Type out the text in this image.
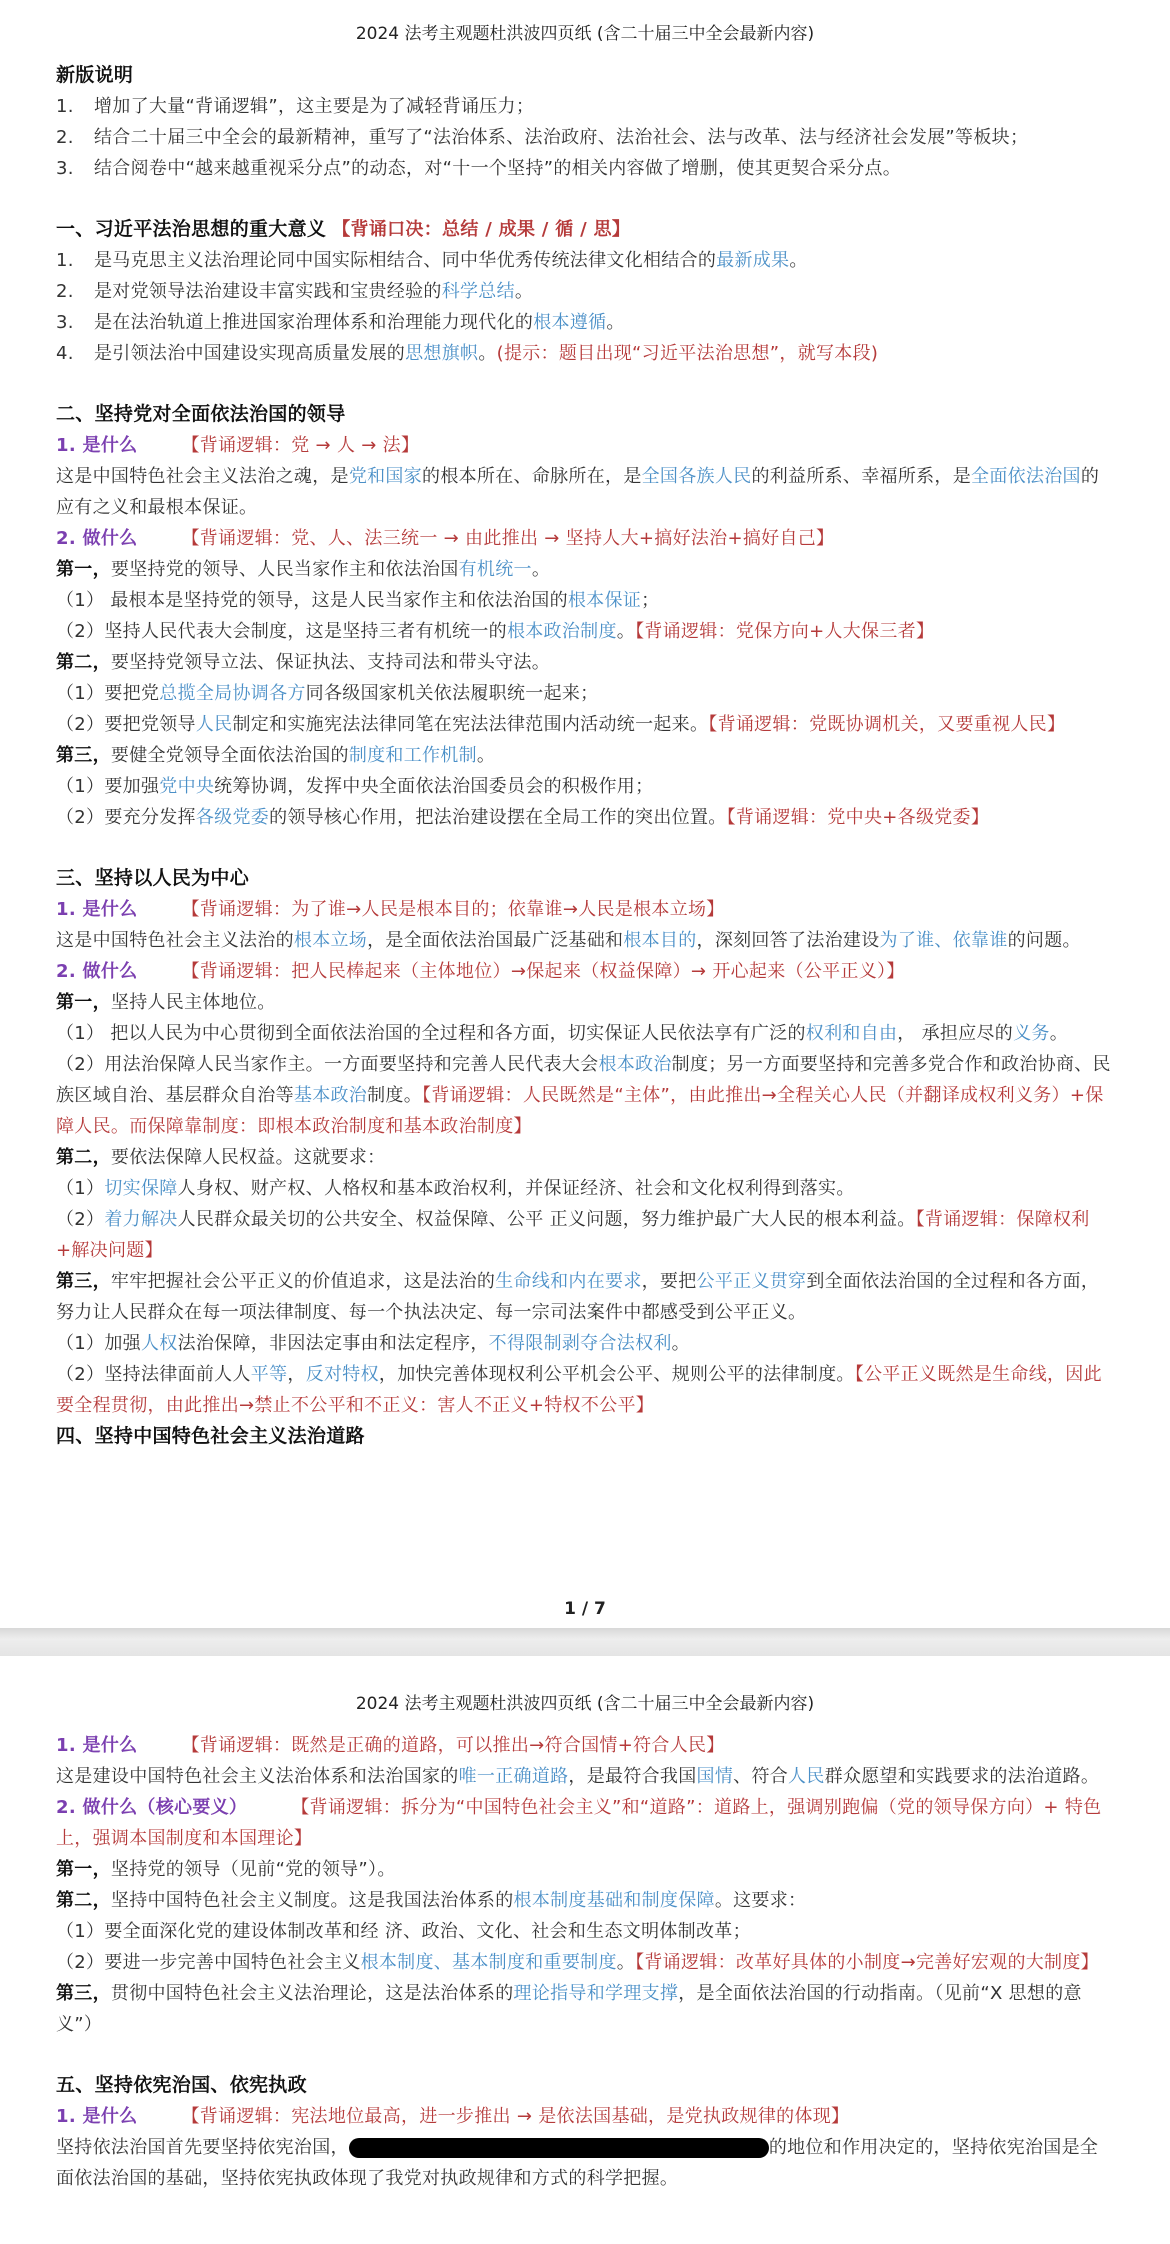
2024 法考主观题杜洪波四页纸 (含二十届三中全会最新内容)

新版说明

1.	增加了大量“背诵逻辑”，这主要是为了减轻背诵压力；
2.	结合二十届三中全会的最新精神，重写了“法治体系、法治政府、法治社会、法与改革、法与经济社会发展”等板块；
3.	结合阅卷中“越来越重视采分点”的动态，对“十一个坚持”的相关内容做了增删，使其更契合采分点。

一、习近平法治思想的重大意义 【背诵口决：总结 / 成果 / 循 / 思】

1.	是马克思主义法治理论同中国实际相结合、同中华优秀传统法律文化相结合的最新成果。
2.	是对党领导法治建设丰富实践和宝贵经验的科学总结。
3.	是在法治轨道上推进国家治理体系和治理能力现代化的根本遵循。
4.	是引领法治中国建设实现高质量发展的思想旗帜。(提示：题目出现“习近平法治思想”，就写本段)

二、坚持党对全面依法治国的领导

1. 是什么 【背诵逻辑：党 → 人 → 法】

这是中国特色社会主义法治之魂，是党和国家的根本所在、命脉所在，是全国各族人民的利益所系、幸福所系，是全面依法治国的应有之义和最根本保证。

2. 做什么 【背诵逻辑：党、人、法三统一 → 由此推出 → 坚持人大+搞好法治+搞好自己】

第一，要坚持党的领导、人民当家作主和依法治国有机统一。

（1） 最根本是坚持党的领导，这是人民当家作主和依法治国的根本保证；

（2）坚持人民代表大会制度，这是坚持三者有机统一的根本政治制度。【背诵逻辑：党保方向+人大保三者】

第二，要坚持党领导立法、保证执法、支持司法和带头守法。

（1）要把党总揽全局协调各方同各级国家机关依法履职统一起来；

（2）要把党领导人民制定和实施宪法法律同笔在宪法法律范围内活动统一起来。【背诵逻辑：党既协调机关，又要重视人民】

第三，要健全党领导全面依法治国的制度和工作机制。

（1）要加强党中央统筹协调，发挥中央全面依法治国委员会的积极作用；

（2）要充分发挥各级党委的领导核心作用，把法治建设摆在全局工作的突出位置。【背诵逻辑：党中央+各级党委】

三、坚持以人民为中心

1. 是什么 【背诵逻辑：为了谁→人民是根本目的；依靠谁→人民是根本立场】

这是中国特色社会主义法治的根本立场，是全面依法治国最广泛基础和根本目的，深刻回答了法治建设为了谁、依靠谁的问题。

2. 做什么 【背诵逻辑：把人民棒起来（主体地位）→保起来（权益保障）→ 开心起来（公平正义）】

第一，坚持人民主体地位。

（1） 把以人民为中心贯彻到全面依法治国的全过程和各方面，切实保证人民依法享有广泛的权利和自由， 承担应尽的义务。

（2）用法治保障人民当家作主。一方面要坚持和完善人民代表大会根本政治制度；另一方面要坚持和完善多党合作和政治协商、民族区域自治、基层群众自治等基本政治制度。【背诵逻辑：人民既然是“主体”，由此推出→全程关心人民（并翻译成权利义务）+保障人民。而保障靠制度：即根本政治制度和基本政治制度】

第二，要依法保障人民权益。这就要求：

（1）切实保障人身权、财产权、人格权和基本政治权利，并保证经济、社会和文化权利得到落实。

（2）着力解决人民群众最关切的公共安全、权益保障、公平 正义问题，努力维护最广大人民的根本利益。【背诵逻辑：保障权利+解决问题】

第三，牢牢把握社会公平正义的价值追求，这是法治的生命线和内在要求，要把公平正义贯穿到全面依法治国的全过程和各方面，努力让人民群众在每一项法律制度、每一个执法决定、每一宗司法案件中都感受到公平正义。

（1）加强人权法治保障，非因法定事由和法定程序，不得限制剥夺合法权利。

（2）坚持法律面前人人平等，反对特权，加快完善体现权利公平机会公平、规则公平的法律制度。【公平正义既然是生命线，因此要全程贯彻，由此推出→禁止不公平和不正义：害人不正义+特权不公平】

四、坚持中国特色社会主义法治道路

1 / 7
2024 法考主观题杜洪波四页纸 (含二十届三中全会最新内容)

1. 是什么 【背诵逻辑：既然是正确的道路，可以推出→符合国情+符合人民】

这是建设中国特色社会主义法治体系和法治国家的唯一正确道路，是最符合我国国情、符合人民群众愿望和实践要求的法治道路。

2. 做什么（核心要义） 【背诵逻辑：拆分为“中国特色社会主义”和“道路”：道路上，强调别跑偏（党的领导保方向）+ 特色上，强调本国制度和本国理论】

第一，坚持党的领导（见前“党的领导”）。

第二，坚持中国特色社会主义制度。这是我国法治体系的根本制度基础和制度保障。这要求：

（1）要全面深化党的建设体制改革和经 济、政治、文化、社会和生态文明体制改革；

（2）要进一步完善中国特色社会主义根本制度、基本制度和重要制度。【背诵逻辑：改革好具体的小制度→完善好宏观的大制度】

第三，贯彻中国特色社会主义法治理论，这是法治体系的理论指导和学理支撑，是全面依法治国的行动指南。（见前“X 思想的意义”）

五、坚持依宪治国、依宪执政

1. 是什么 【背诵逻辑：宪法地位最高，进一步推出 → 是依法国基础，是党执政规律的体现】

坚持依法治国首先要坚持依宪治国，	的地位和作用决定的，坚持依宪治国是全面依法治国的基础，坚持依宪执政体现了我党对执政规律和方式的科学把握。
